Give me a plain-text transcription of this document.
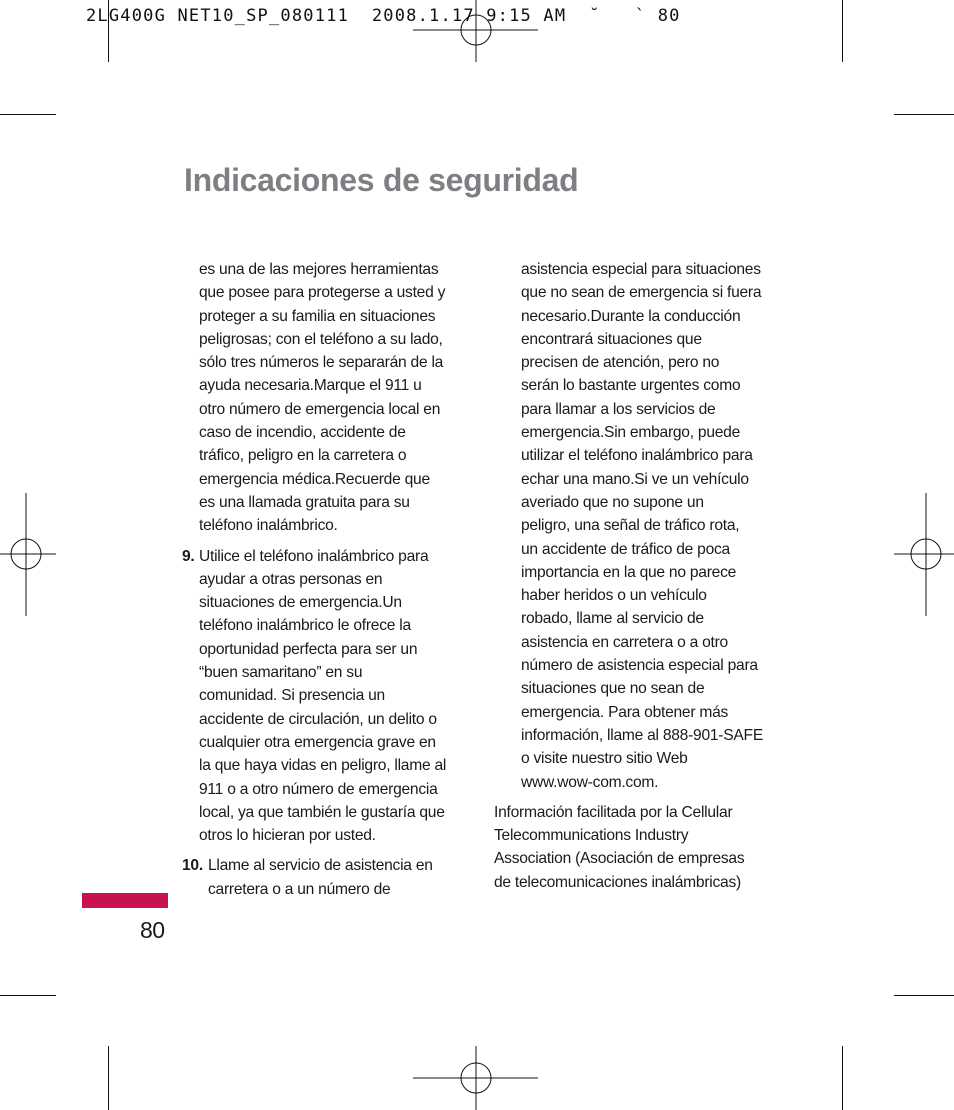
2LG400G NET10_SP_080111  2008.1.17 9:15 AM  ˘   ` 80
Indicaciones de seguridad

es una de las mejores herramientas
que posee para protegerse a usted y
proteger a su familia en situaciones
peligrosas; con el teléfono a su lado,
sólo tres números le separarán de la
ayuda necesaria.Marque el 911 u
otro número de emergencia local en
caso de incendio, accidente de
tráfico, peligro en la carretera o
emergencia médica.Recuerde que
es una llamada gratuita para su
teléfono inalámbrico.

9. Utilice el teléfono inalámbrico para
ayudar a otras personas en
situaciones de emergencia.Un
teléfono inalámbrico le ofrece la
oportunidad perfecta para ser un
“buen samaritano” en su
comunidad. Si presencia un
accidente de circulación, un delito o
cualquier otra emergencia grave en
la que haya vidas en peligro, llame al
911 o a otro número de emergencia
local, ya que también le gustaría que
otros lo hicieran por usted.

10. Llame al servicio de asistencia en
carretera o a un número de

asistencia especial para situaciones
que no sean de emergencia si fuera
necesario.Durante la conducción
encontrará situaciones que
precisen de atención, pero no
serán lo bastante urgentes como
para llamar a los servicios de
emergencia.Sin embargo, puede
utilizar el teléfono inalámbrico para
echar una mano.Si ve un vehículo
averiado que no supone un
peligro, una señal de tráfico rota,
un accidente de tráfico de poca
importancia en la que no parece
haber heridos o un vehículo
robado, llame al servicio de
asistencia en carretera o a otro
número de asistencia especial para
situaciones que no sean de
emergencia. Para obtener más
información, llame al 888-901-SAFE
o visite nuestro sitio Web
www.wow-com.com.

Información facilitada por la Cellular
Telecommunications Industry
Association (Asociación de empresas
de telecomunicaciones inalámbricas)

80
